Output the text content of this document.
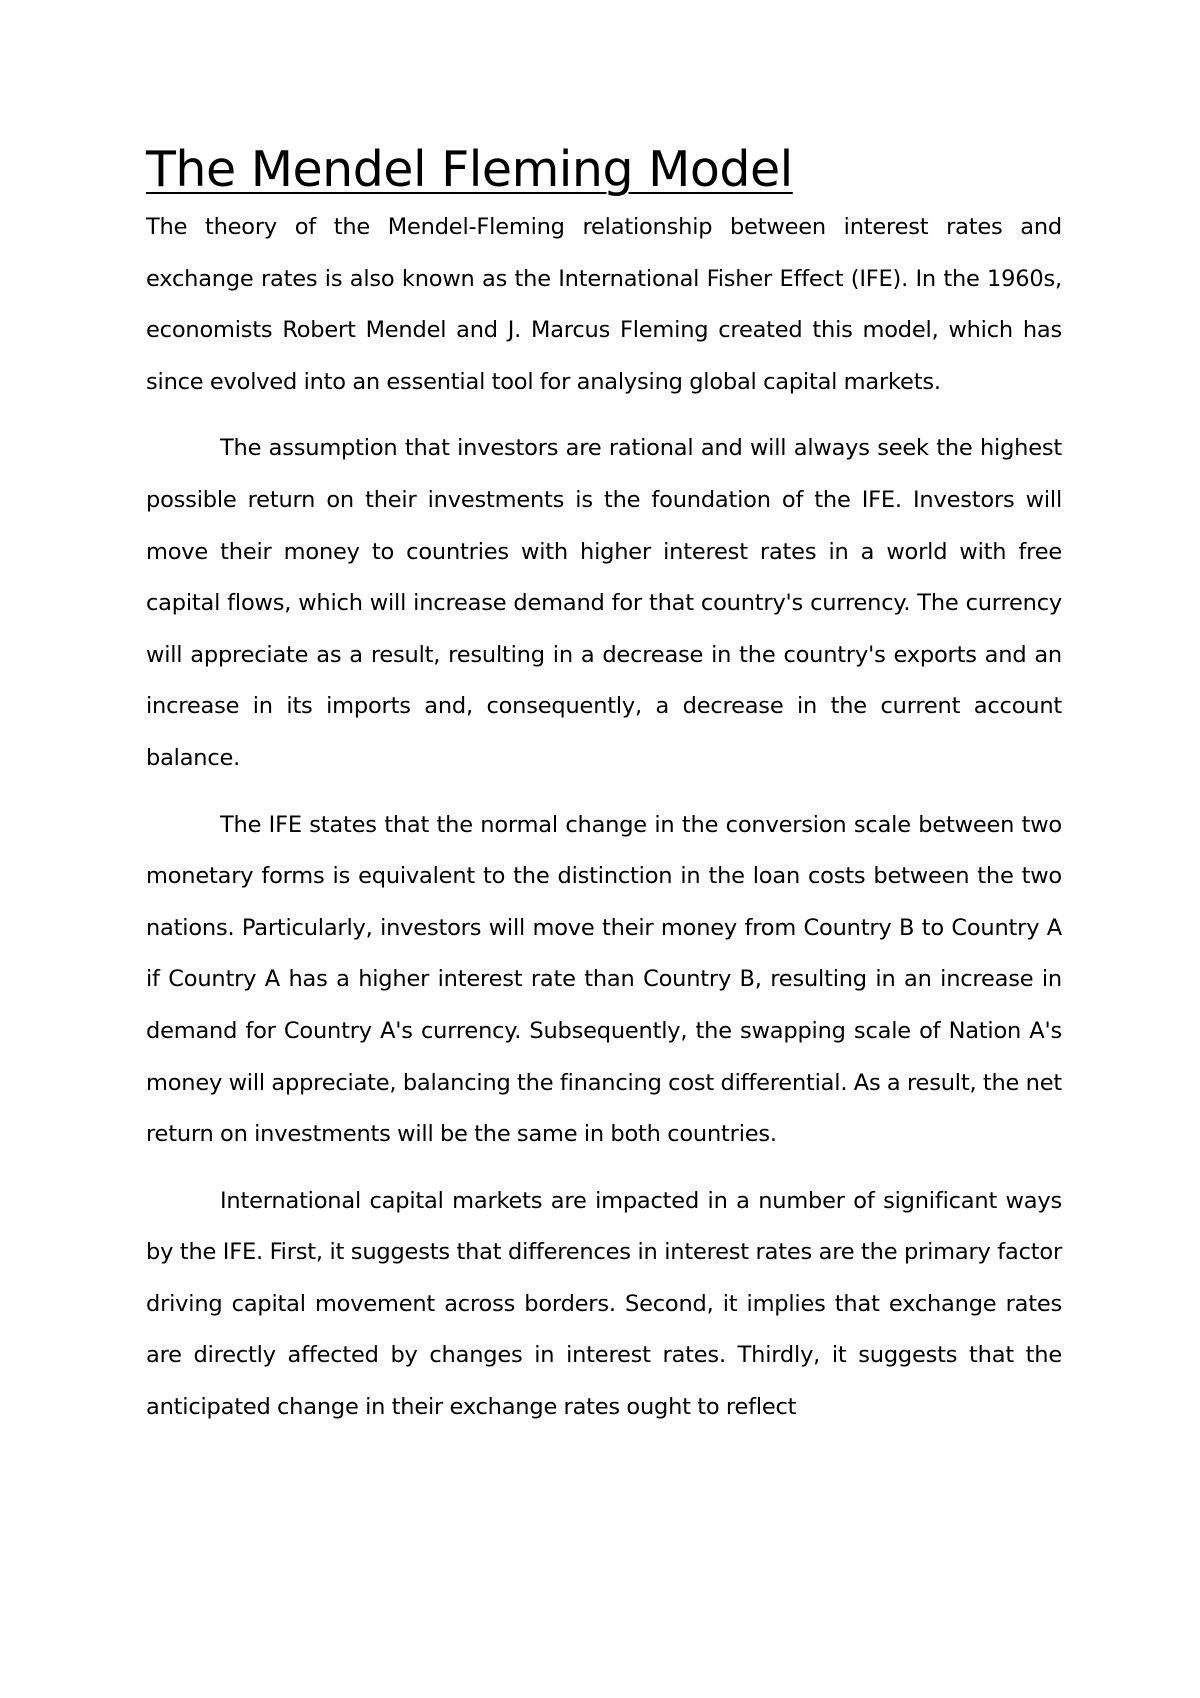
The Mendel Fleming Model

The theory of the Mendel-Fleming relationship between interest rates and exchange rates is also known as the International Fisher Effect (IFE). In the 1960s, economists Robert Mendel and J. Marcus Fleming created this model, which has since evolved into an essential tool for analysing global capital markets.

The assumption that investors are rational and will always seek the highest possible return on their investments is the foundation of the IFE. Investors will move their money to countries with higher interest rates in a world with free capital flows, which will increase demand for that country's currency. The currency will appreciate as a result, resulting in a decrease in the country's exports and an increase in its imports and, consequently, a decrease in the current account balance.

The IFE states that the normal change in the conversion scale between two monetary forms is equivalent to the distinction in the loan costs between the two nations. Particularly, investors will move their money from Country B to Country A if Country A has a higher interest rate than Country B, resulting in an increase in demand for Country A's currency. Subsequently, the swapping scale of Nation A's money will appreciate, balancing the financing cost differential. As a result, the net return on investments will be the same in both countries.

International capital markets are impacted in a number of significant ways by the IFE. First, it suggests that differences in interest rates are the primary factor driving capital movement across borders. Second, it implies that exchange rates are directly affected by changes in interest rates. Thirdly, it suggests that the anticipated change in their exchange rates ought to reflect
